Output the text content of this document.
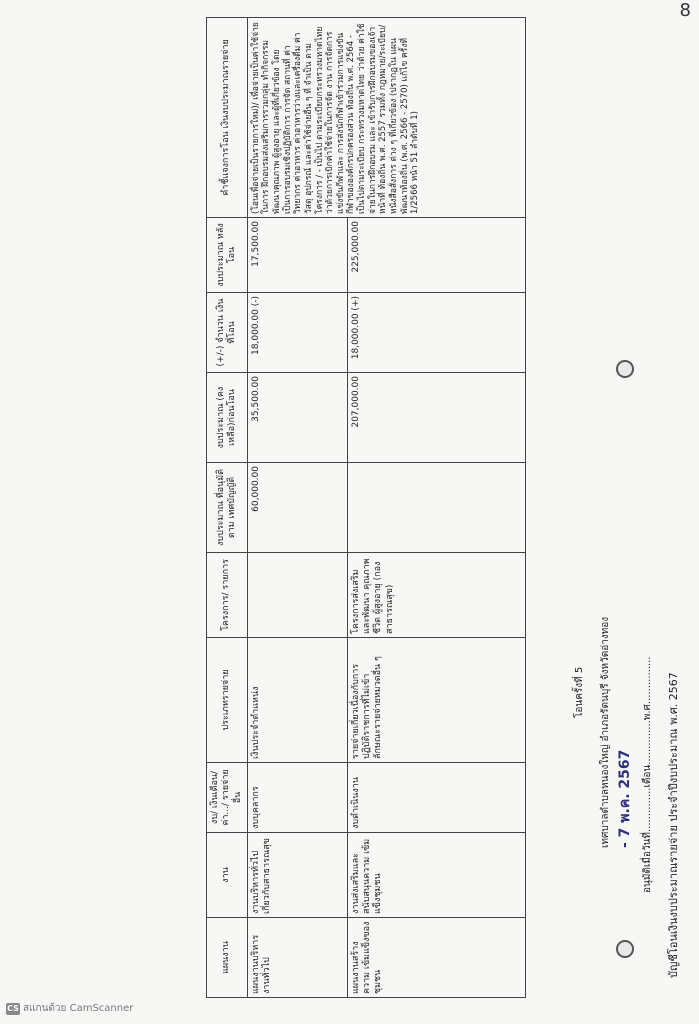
8
บัญชีโอนเงินงบประมาณรายจ่าย ประจำปีงบประมาณ พ.ศ. 2567
อนุมัติเมื่อวันที่..............เดือน..............พ.ศ...............
- 7 พ.ค. 2567
เทศบาลตำบลหนองใหญ่ อำเภอรัตนบุรี จังหวัดอ่างทอง
โอนครั้งที่ 5
แผนงาน	งาน	งบ/ เงินเดือน/ ค่า.../ รายจ่ายอื่น	ประเภทรายจ่าย	โครงการ/ รายการ	งบประมาณ ที่อนุมัติตาม เทศบัญญัติ	งบประมาณ (คงเหลือ)ก่อนโอน	(+/-) จำนวน เงินที่โอน	งบประมาณ หลังโอน	คำชี้แจงการโอน เงินงบประมาณรายจ่าย
แผนงานบริหารงานทั่วไป	งานบริหารทั่วไป เกี่ยวกับสาธารณสุข	งบบุคลากร	เงินประจำตำแหน่ง		60,000.00	35,500.00	18,000.00 (-)	17,500.00	(โอนเพื่อจ่ายเป็นรายการใหม่)/ เพื่อจ่ายเป็นค่าใช้จ่ายในการ ฝึกอบรมส่งเสริมการรวมกลุ่ม ทำกิจกรรม พัฒนาคุณภาพ ผู้สูงอายุ และผู้ที่เกี่ยวข้อง โดย เป็นการอบรมเชิงปฏิบัติการ การจัด สถานที่ ค่าวิทยากร ค่าอาหาร ค่าอาหารว่างและเครื่องดื่ม ค่าวัสดุ อุปกรณ์ และค่าใช้จ่ายอื่น ๆ ที่ จำเป็น ตามโครงการ / - เป็นไป ตามระเบียบกระทรวงมหาดไทย ว่าด้วยการเบิกค่าใช้จ่ายในการจัด งาน การจัดการแข่งขันกีฬาและ การส่งนักกีฬาเข้าร่วมการแข่งขัน กีฬาขององค์กรปกครองส่วน ท้องถิ่น พ.ศ. 2564 - เป็นไปตามระเบียบ กระทรวงมหาดไทย ว่าด้วย ค่าใช้จ่ายในการฝึกอบรม และ เข้ารับการฝึกอบรมของเจ้าหน้าที่ ท้องถิ่น พ.ศ. 2557 รวมทั้ง กฎหมาย/ระเบียบ/หนังสือสั่งการ ต่าง ๆ ที่เกี่ยวข้อง (ปรากฏใน แผนพัฒนาท้องถิ่น (พ.ศ. 2566 - 2570) แก้ไข ครั้งที่ 1/2566 หน้า 51 ลำดับที่ 1)
แผนงานสร้างความ เข้มแข็งของชุมชน	งานส่งเสริมและ สนับสนุนความ เข้มแข็งชุมชน	งบดำเนินงาน	รายจ่ายเกี่ยวเนื่องกับการ ปฏิบัติราชการที่ไม่เข้า ลักษณะรายจ่ายหมวดอื่น ๆ	โครงการส่งเสริม และพัฒนา คุณภาพชีวิต ผู้สูงอายุ (กอง สาธารณสุข)		207,000.00	18,000.00 (+)	225,000.00	
CS สแกนด้วย CamScanner
